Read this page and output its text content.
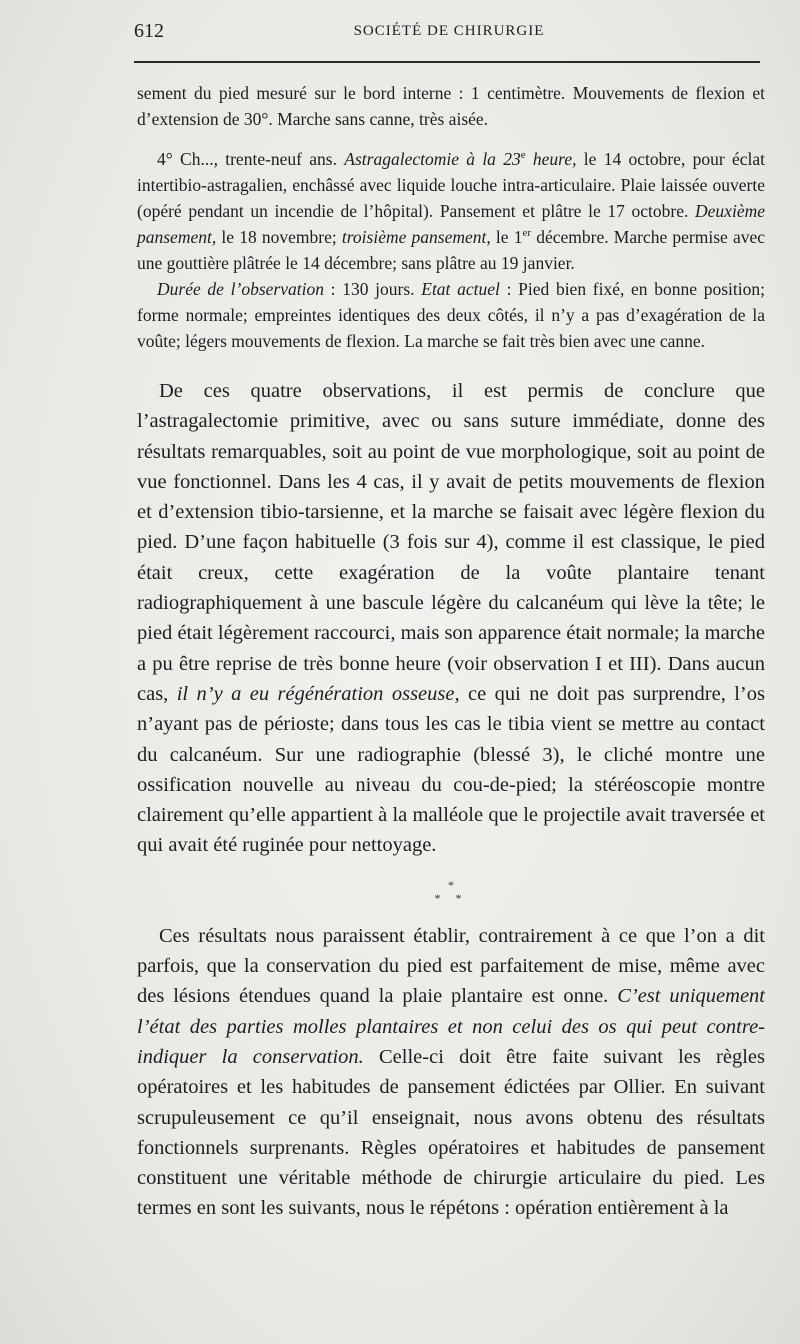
612	SOCIÉTÉ DE CHIRURGIE

sement du pied mesuré sur le bord interne : 1 centimètre. Mouvements de flexion et d’extension de 30°. Marche sans canne, très aisée.

4° Ch..., trente-neuf ans. Astragalectomie à la 23e heure, le 14 octobre, pour éclat intertibio-astragalien, enchâssé avec liquide louche intra-articulaire. Plaie laissée ouverte (opéré pendant un incendie de l’hôpital). Pansement et plâtre le 17 octobre. Deuxième pansement, le 18 novembre; troisième pansement, le 1er décembre. Marche permise avec une gouttière plâtrée le 14 décembre; sans plâtre au 19 janvier.

Durée de l’observation : 130 jours. Etat actuel : Pied bien fixé, en bonne position; forme normale; empreintes identiques des deux côtés, il n’y a pas d’exagération de la voûte; légers mouvements de flexion. La marche se fait très bien avec une canne.

De ces quatre observations, il est permis de conclure que l’astragalectomie primitive, avec ou sans suture immédiate, donne des résultats remarquables, soit au point de vue morphologique, soit au point de vue fonctionnel. Dans les 4 cas, il y avait de petits mouvements de flexion et d’extension tibio-tarsienne, et la marche se faisait avec légère flexion du pied. D’une façon habituelle (3 fois sur 4), comme il est classique, le pied était creux, cette exagération de la voûte plantaire tenant radiographiquement à une bascule légère du calcanéum qui lève la tête; le pied était légèrement raccourci, mais son apparence était normale; la marche a pu être reprise de très bonne heure (voir observation I et III). Dans aucun cas, il n’y a eu régénération osseuse, ce qui ne doit pas surprendre, l’os n’ayant pas de périoste; dans tous les cas le tibia vient se mettre au contact du calcanéum. Sur une radiographie (blessé 3), le cliché montre une ossification nouvelle au niveau du cou-de-pied; la stéréoscopie montre clairement qu’elle appartient à la malléole que le projectile avait traversée et qui avait été ruginée pour nettoyage.

*
* *

Ces résultats nous paraissent établir, contrairement à ce que l’on a dit parfois, que la conservation du pied est parfaitement de mise, même avec des lésions étendues quand la plaie plantaire est onne. C’est uniquement l’état des parties molles plantaires et non celui des os qui peut contre-indiquer la conservation. Celle-ci doit être faite suivant les règles opératoires et les habitudes de pansement édictées par Ollier. En suivant scrupuleusement ce qu’il enseignait, nous avons obtenu des résultats fonctionnels surprenants. Règles opératoires et habitudes de pansement constituent une véritable méthode de chirurgie articulaire du pied. Les termes en sont les suivants, nous le répétons : opération entièrement à la
